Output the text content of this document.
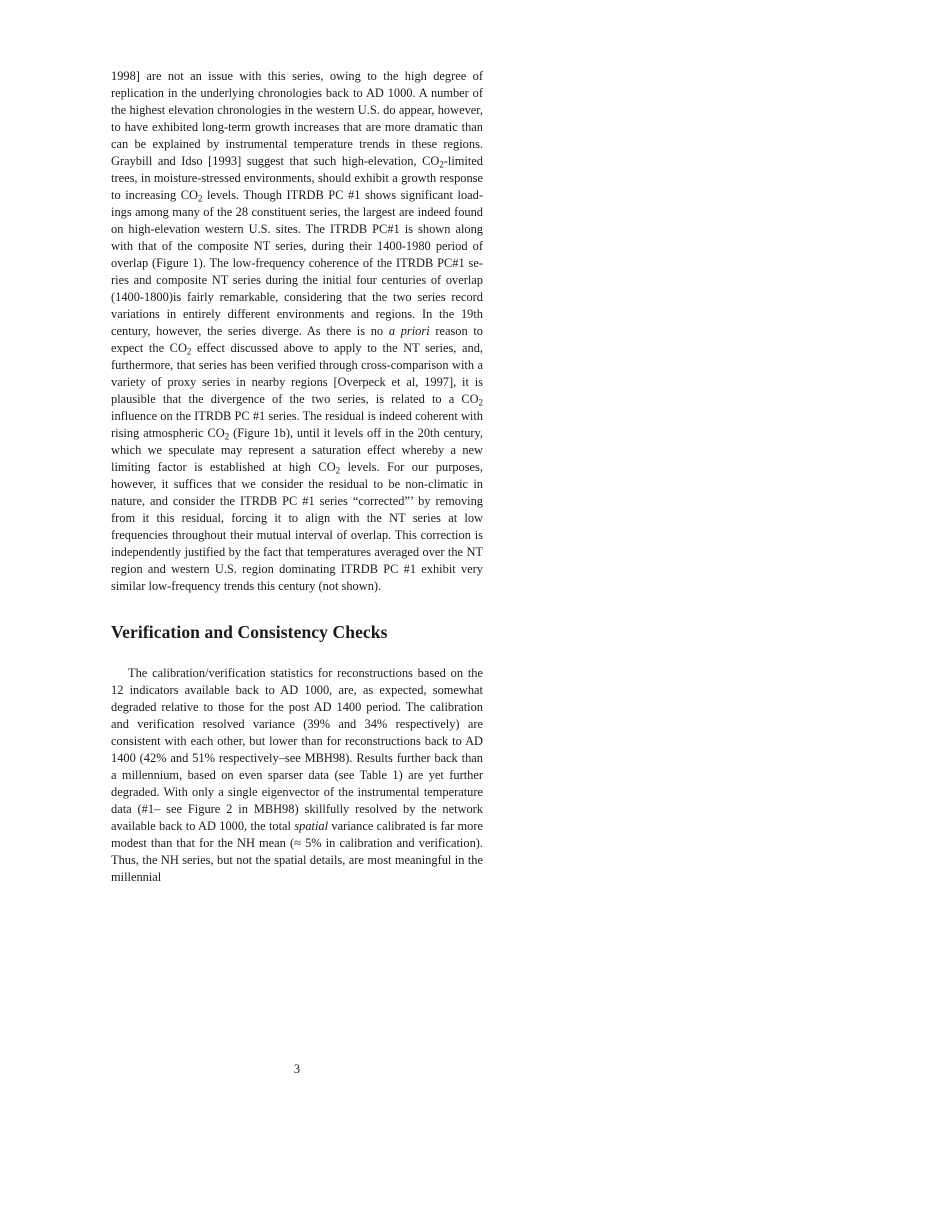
1998] are not an issue with this series, owing to the high degree of replication in the underlying chronologies back to AD 1000. A number of the highest elevation chronologies in the western U.S. do appear, however, to have exhibited long-term growth increases that are more dramatic than can be explained by instrumental temperature trends in these regions. Graybill and Idso [1993] suggest that such high-elevation, $CO_2$-limited trees, in moisture-stressed environments, should exhibit a growth response to increasing $CO_2$ levels. Though ITRDB PC #1 shows significant loadings among many of the 28 constituent series, the largest are indeed found on high-elevation western U.S. sites. The ITRDB PC#1 is shown along with that of the composite NT series, during their 1400-1980 period of overlap (Figure 1). The low-frequency coherence of the ITRDB PC#1 series and composite NT series during the initial four centuries of overlap (1400-1800)is fairly remarkable, considering that the two series record variations in entirely different environments and regions. In the 19th century, however, the series diverge. As there is no a priori reason to expect the $CO_2$ effect discussed above to apply to the NT series, and, furthermore, that series has been verified through cross-comparison with a variety of proxy series in nearby regions [Overpeck et al, 1997], it is plausible that the divergence of the two series, is related to a $CO_2$ influence on the ITRDB PC #1 series. The residual is indeed coherent with rising atmospheric $CO_2$ (Figure 1b), until it levels off in the 20th century, which we speculate may represent a saturation effect whereby a new limiting factor is established at high $CO_2$ levels. For our purposes, however, it suffices that we consider the residual to be non-climatic in nature, and consider the ITRDB PC #1 series “corrected”’ by removing from it this residual, forcing it to align with the NT series at low frequencies throughout their mutual interval of overlap. This correction is independently justified by the fact that temperatures averaged over the NT region and western U.S. region dominating ITRDB PC #1 exhibit very similar low-frequency trends this century (not shown).

Verification and Consistency Checks

The calibration/verification statistics for reconstructions based on the 12 indicators available back to AD 1000, are, as expected, somewhat degraded relative to those for the post AD 1400 period. The calibration and verification resolved variance (39% and 34% respectively) are consistent with each other, but lower than for reconstructions back to AD 1400 (42% and 51% respectively–see MBH98). Results further back than a millennium, based on even sparser data (see Table 1) are yet further degraded. With only a single eigenvector of the instrumental temperature data (#1– see Figure 2 in MBH98) skillfully resolved by the network available back to AD 1000, the total spatial variance calibrated is far more modest than that for the NH mean (≈ 5% in calibration and verification). Thus, the NH series, but not the spatial details, are most meaningful in the millennial

3
